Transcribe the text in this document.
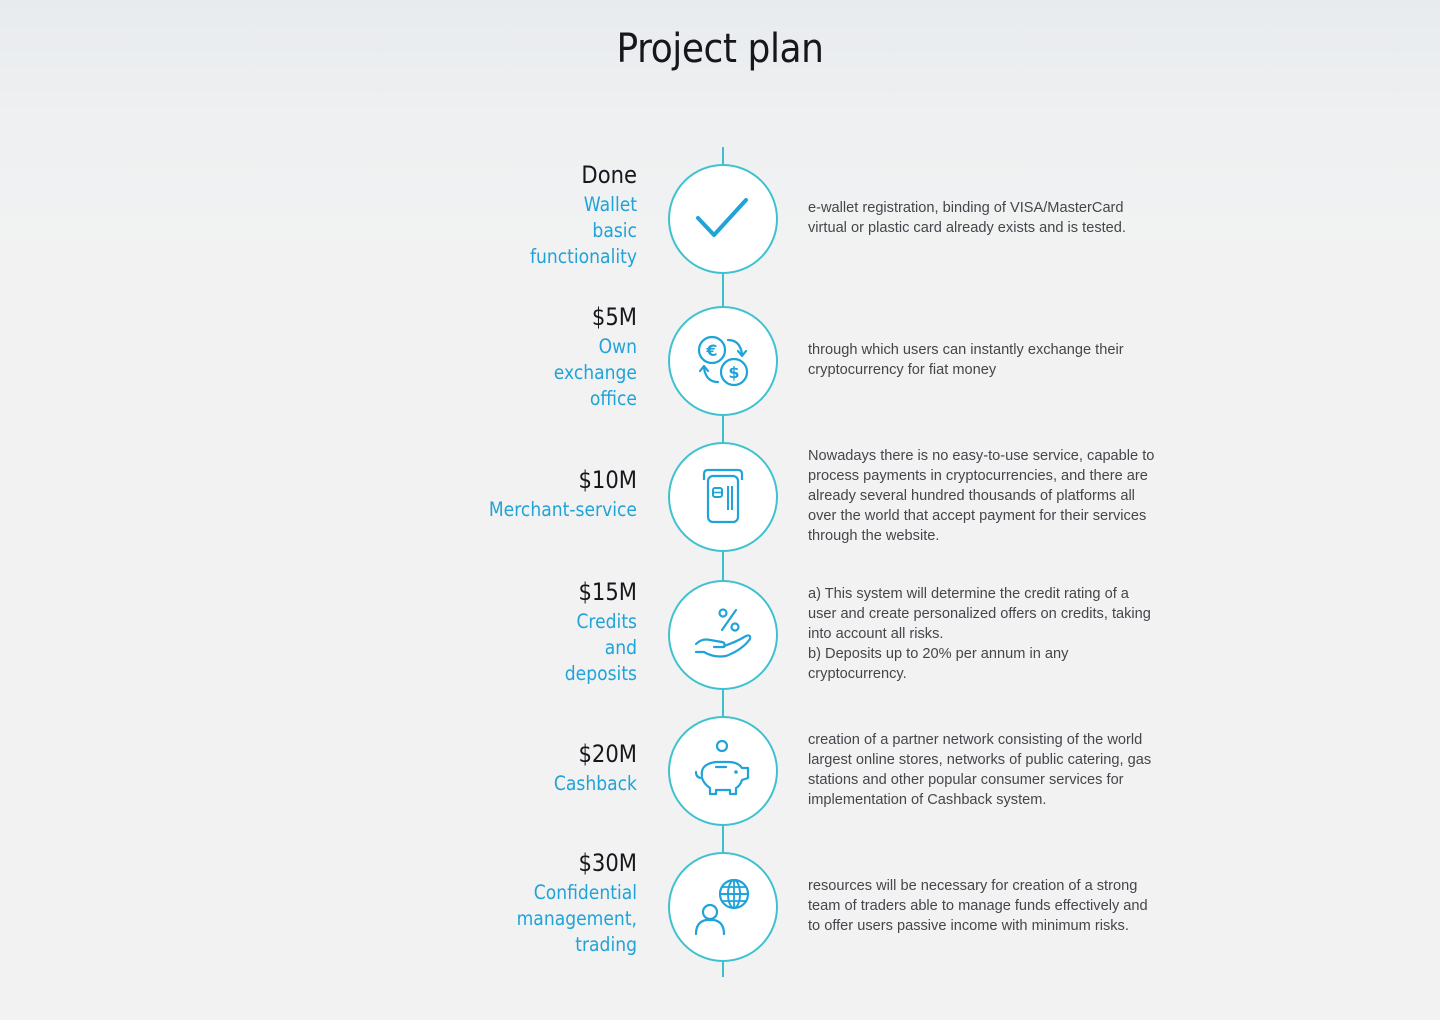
Project plan
Done
Wallet
basic
functionality

e-wallet registration, binding of VISA/MasterCard
virtual or plastic card already exists and is tested.

$5M
Own
exchange
office
€
$

through which users can instantly exchange their
cryptocurrency for fiat money

$10M
Merchant-service

Nowadays there is no easy-to-use service, capable to
process payments in cryptocurrencies, and there are
already several hundred thousands of platforms all
over the world that accept payment for their services
through the website.

$15M
Credits
and
deposits

a) This system will determine the credit rating of a
user and create personalized offers on credits, taking
into account all risks.
b) Deposits up to 20% per annum in any
cryptocurrency.

$20M
Cashback

creation of a partner network consisting of the world
largest online stores, networks of public catering, gas
stations and other popular consumer services for
implementation of Cashback system.

$30M
Confidential
management,
trading

resources will be necessary for creation of a strong
team of traders able to manage funds effectively and
to offer users passive income with minimum risks.
